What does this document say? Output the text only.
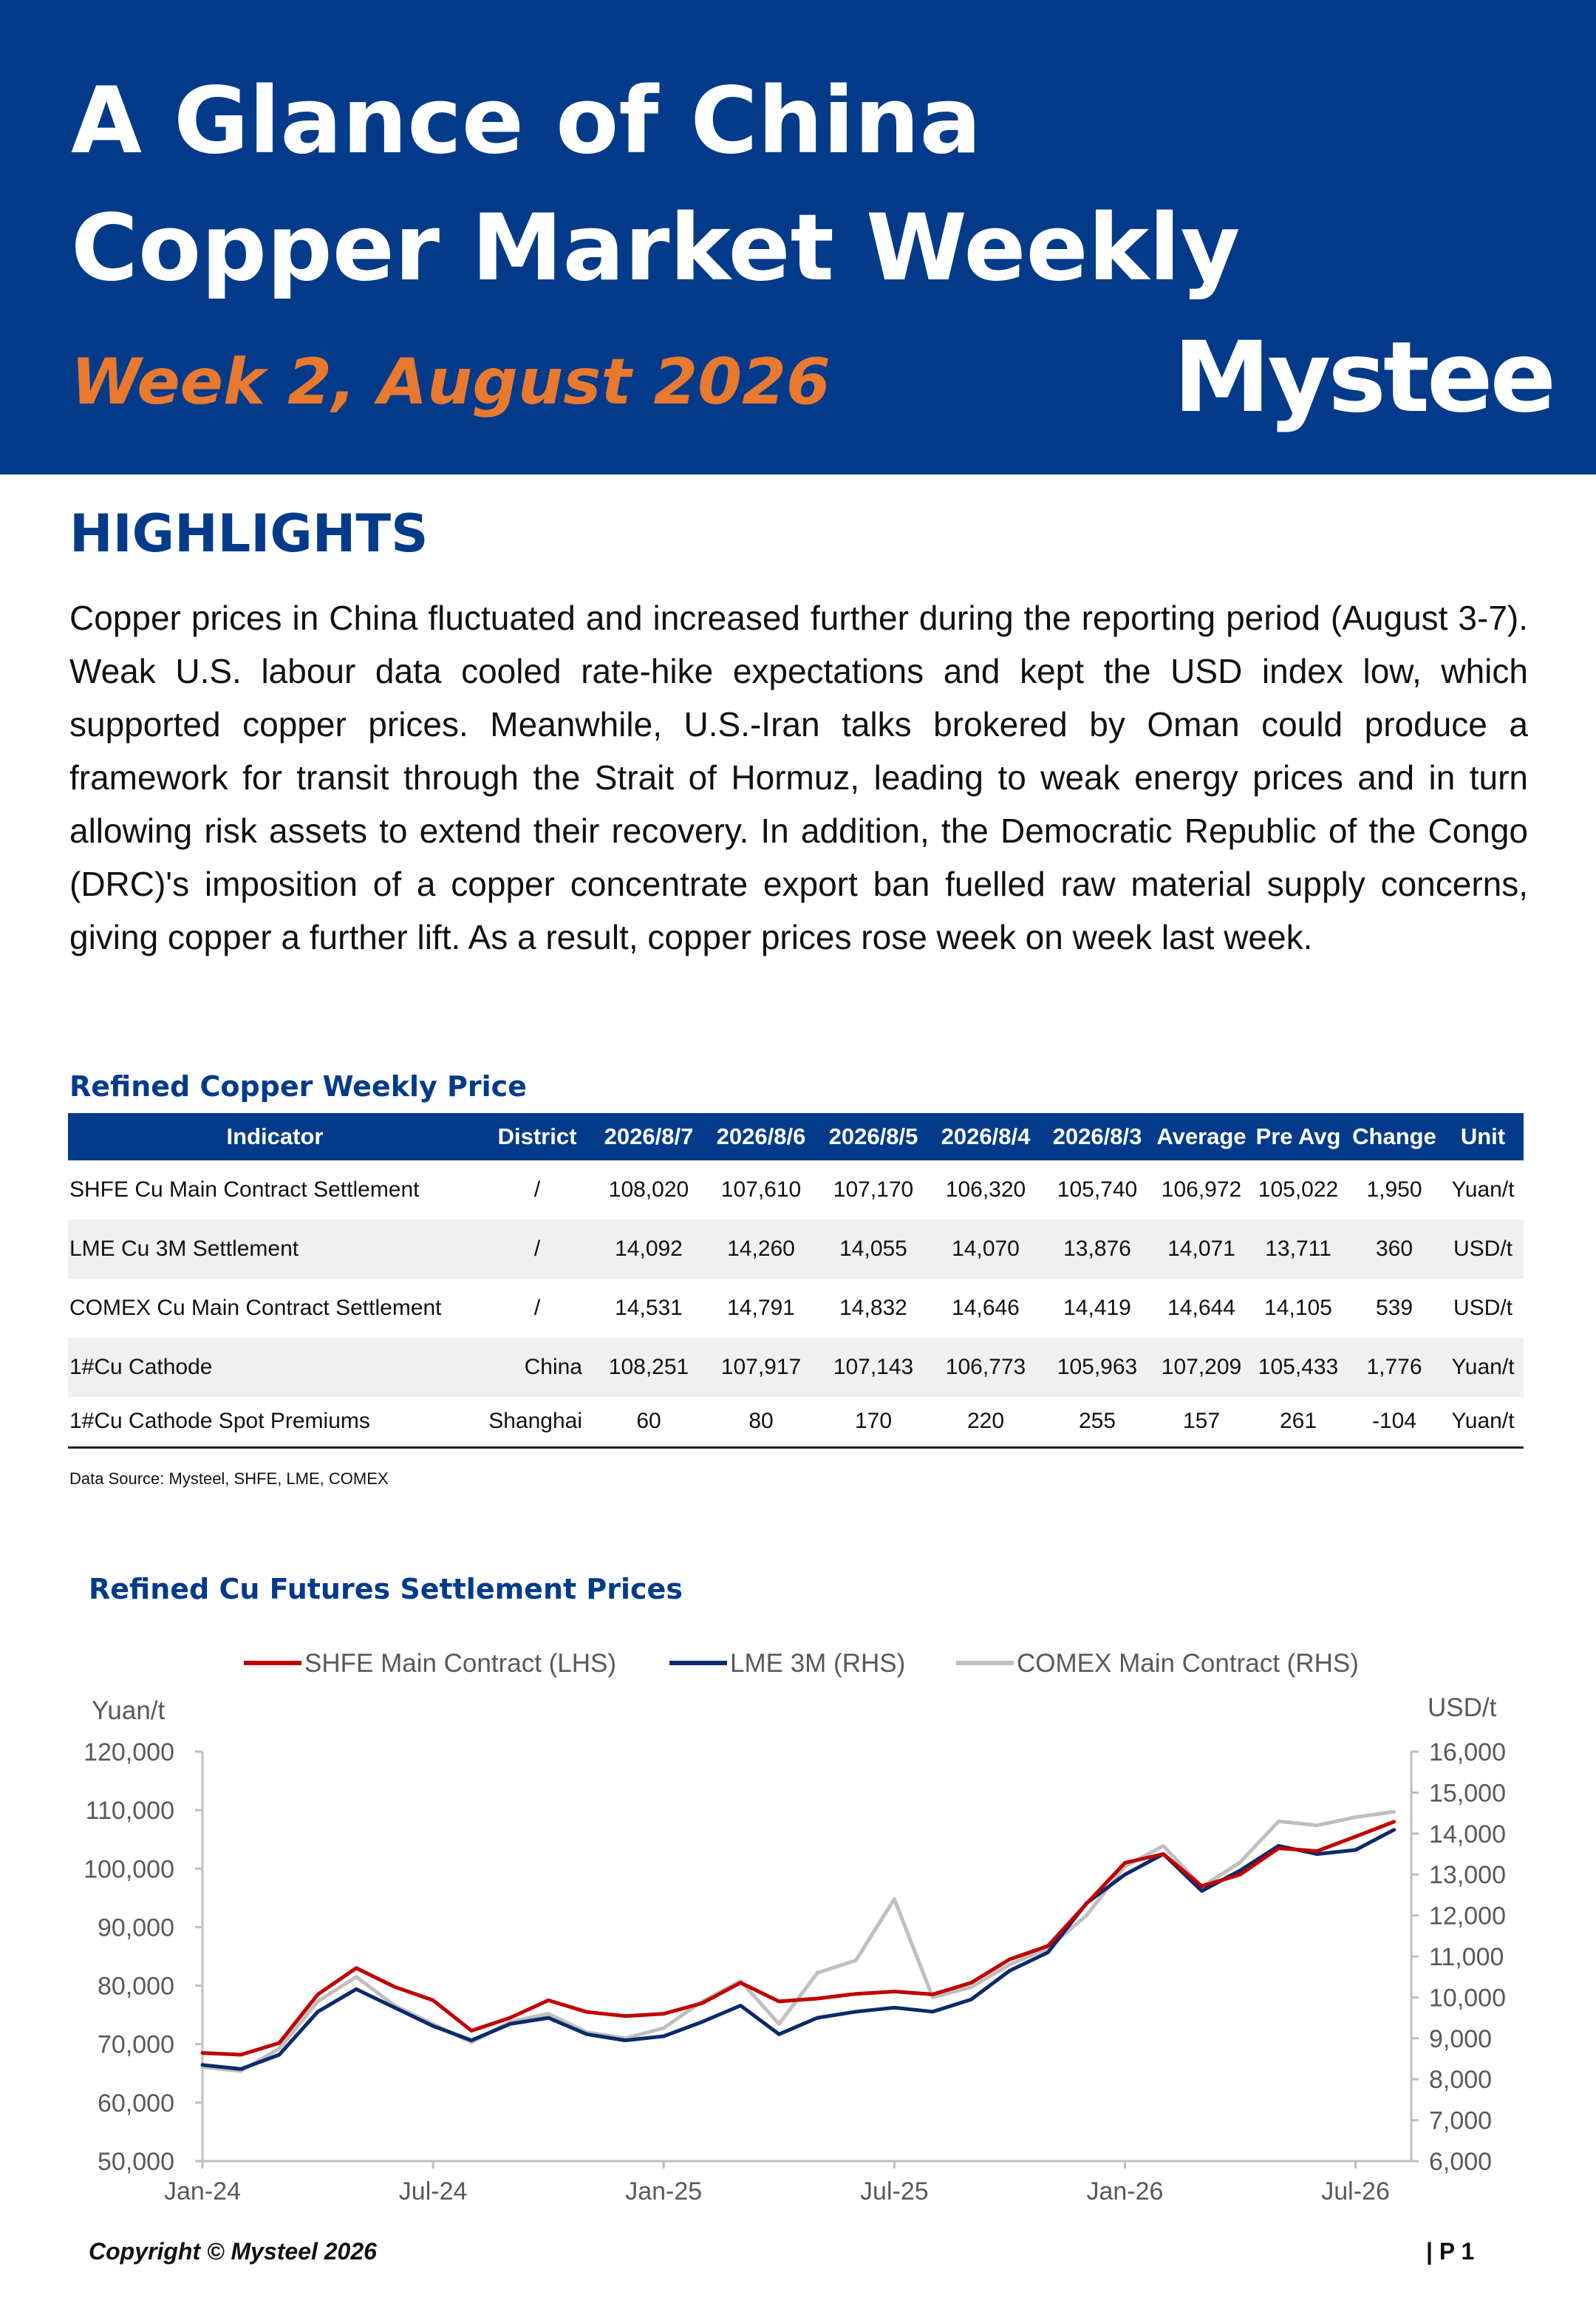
A Glance of China Copper Market Weekly
Week 2, August 2026	Mysteel
HIGHLIGHTS
Copper prices in China fluctuated and increased further during the reporting period (August 3-7). Weak U.S. labour data cooled rate-hike expectations and kept the USD index low, which supported copper prices. Meanwhile, U.S.-Iran talks brokered by Oman could produce a framework for transit through the Strait of Hormuz, leading to weak energy prices and in turn allowing risk assets to extend their recovery. In addition, the Democratic Republic of the Congo (DRC)'s imposition of a copper concentrate export ban fuelled raw material supply concerns, giving copper a further lift. As a result, copper prices rose week on week last week.
Refined Copper Weekly Price
Indicator	District	2026/8/7	2026/8/6	2026/8/5	2026/8/4	2026/8/3	Average	Pre Avg	Change	Unit
SHFE Cu Main Contract Settlement	/	108,020	107,610	107,170	106,320	105,740	106,972	105,022	1,950	Yuan/t
LME Cu 3M Settlement	/	14,092	14,260	14,055	14,070	13,876	14,071	13,711	360	USD/t
COMEX Cu Main Contract Settlement	/	14,531	14,791	14,832	14,646	14,419	14,644	14,105	539	USD/t
1#Cu Cathode	China	108,251	107,917	107,143	106,773	105,963	107,209	105,433	1,776	Yuan/t
1#Cu Cathode Spot Premiums	Shanghai	60	80	170	220	255	157	261	-104	Yuan/t
Data Source: Mysteel, SHFE, LME, COMEX
Refined Cu Futures Settlement Prices
SHFE Main Contract (LHS)	LME 3M (RHS)	COMEX Main Contract (RHS)
Yuan/t	USD/t
50,000
60,000
70,000
80,000
90,000
100,000
110,000
120,000
6,000
7,000
8,000
9,000
10,000
11,000
12,000
13,000
14,000
15,000
16,000
Jan-24	Jul-24	Jan-25	Jul-25	Jan-26	Jul-26
Copyright © Mysteel 2026	| P 1
